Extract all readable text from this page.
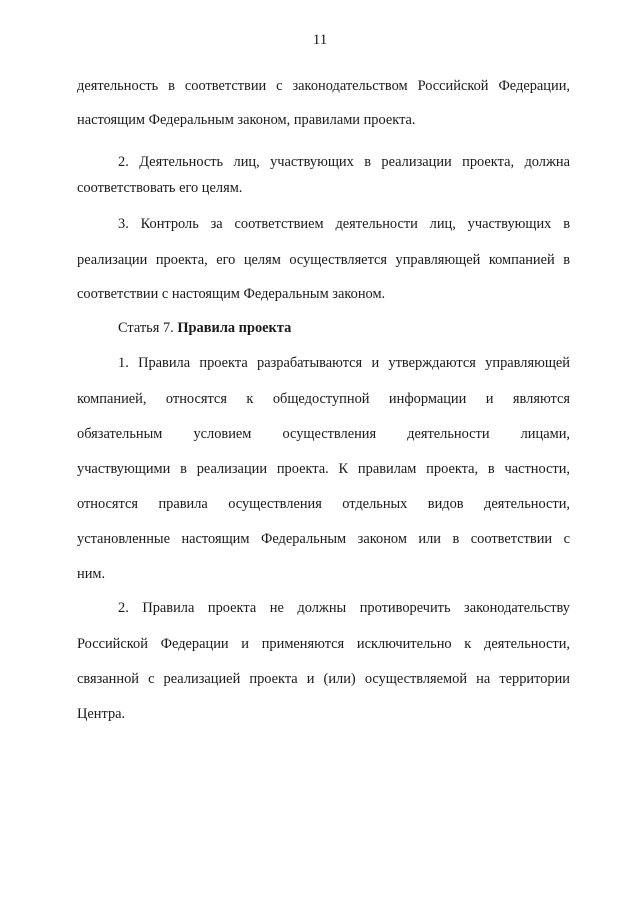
11
деятельность в соответствии с законодательством Российской Федерации,
настоящим Федеральным законом, правилами проекта.
2. Деятельность лиц, участвующих в реализации проекта, должна
соответствовать его целям.
3. Контроль за соответствием деятельности лиц, участвующих в
реализации проекта, его целям осуществляется управляющей компанией в
соответствии с настоящим Федеральным законом.
Статья 7. Правила проекта
1. Правила проекта разрабатываются и утверждаются управляющей
компанией, относятся к общедоступной информации и являются
обязательным условием осуществления деятельности лицами,
участвующими в реализации проекта. К правилам проекта, в частности,
относятся правила осуществления отдельных видов деятельности,
установленные настоящим Федеральным законом или в соответствии с
ним.
2. Правила проекта не должны противоречить законодательству
Российской Федерации и применяются исключительно к деятельности,
связанной с реализацией проекта и (или) осуществляемой на территории
Центра.
